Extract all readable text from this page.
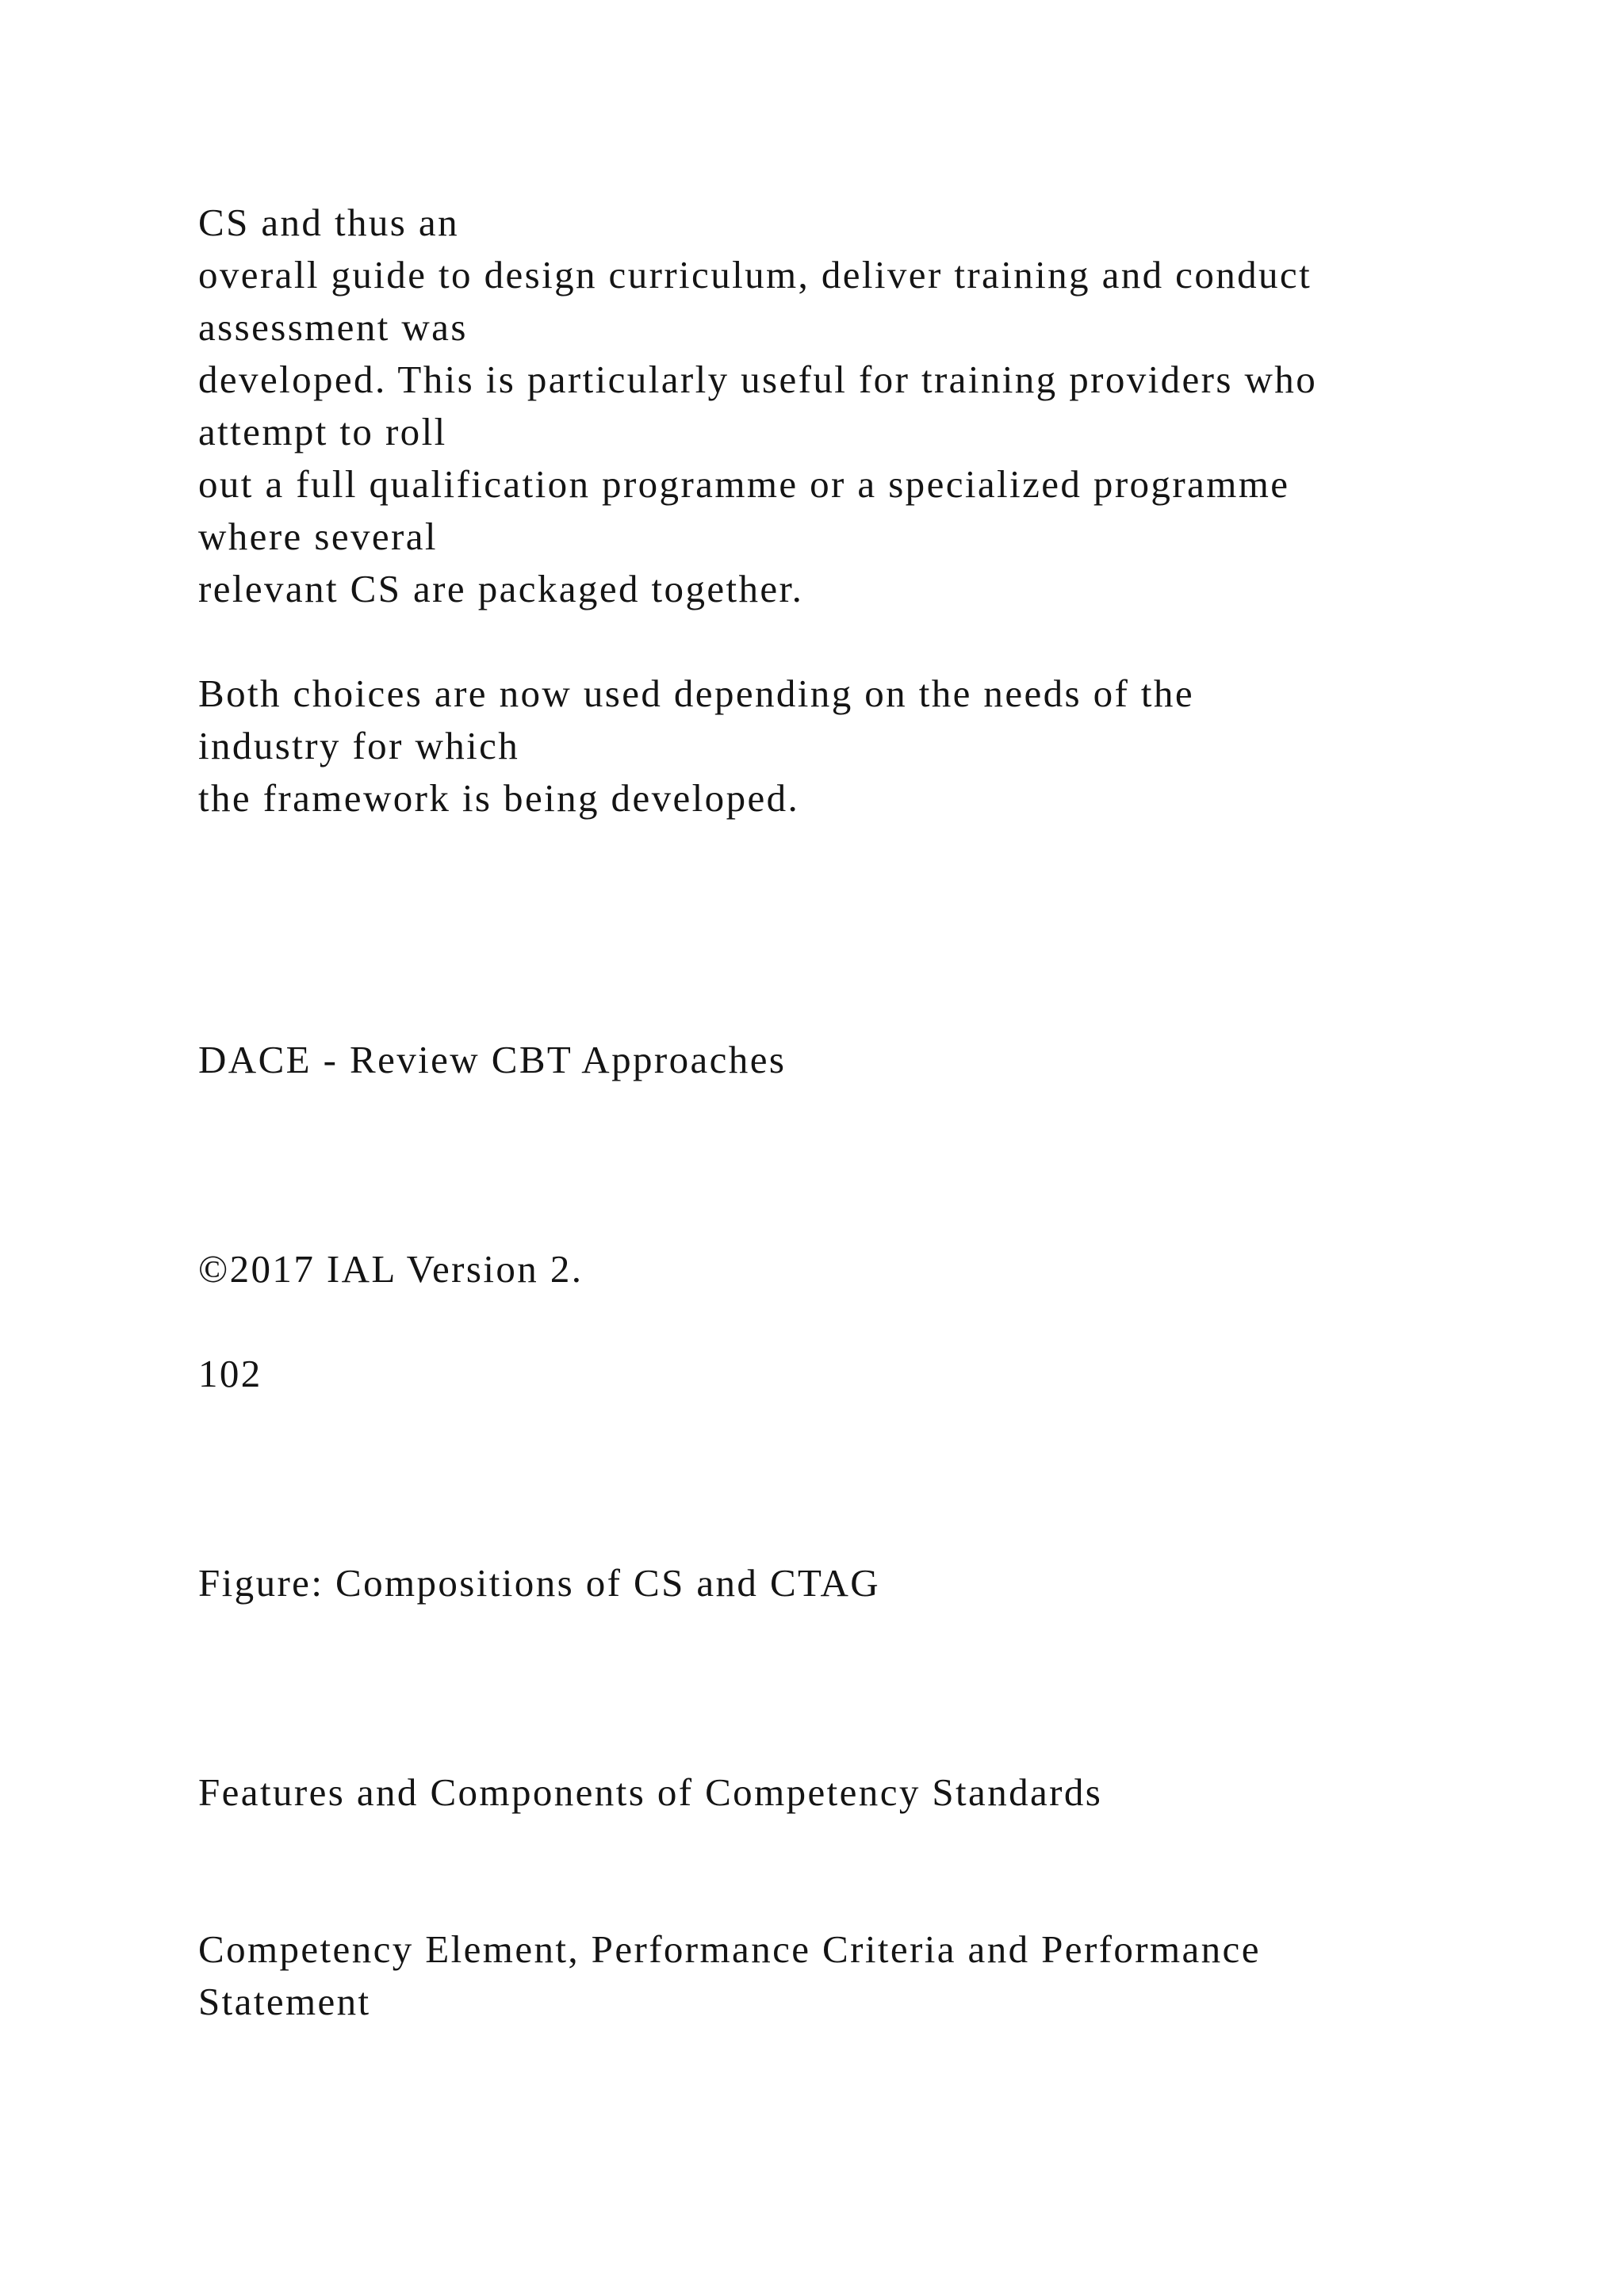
CS and thus an

overall guide to design curriculum, deliver training and conduct

assessment was

developed. This is particularly useful for training providers who

attempt to roll

out a full qualification programme or a specialized programme

where several

relevant CS are packaged together.

Both choices are now used depending on the needs of the

industry for which

the framework is being developed.

DACE - Review CBT Approaches

©2017 IAL Version 2.

102

Figure: Compositions of CS and CTAG

Features and Components of Competency Standards

Competency Element, Performance Criteria and Performance

Statement
